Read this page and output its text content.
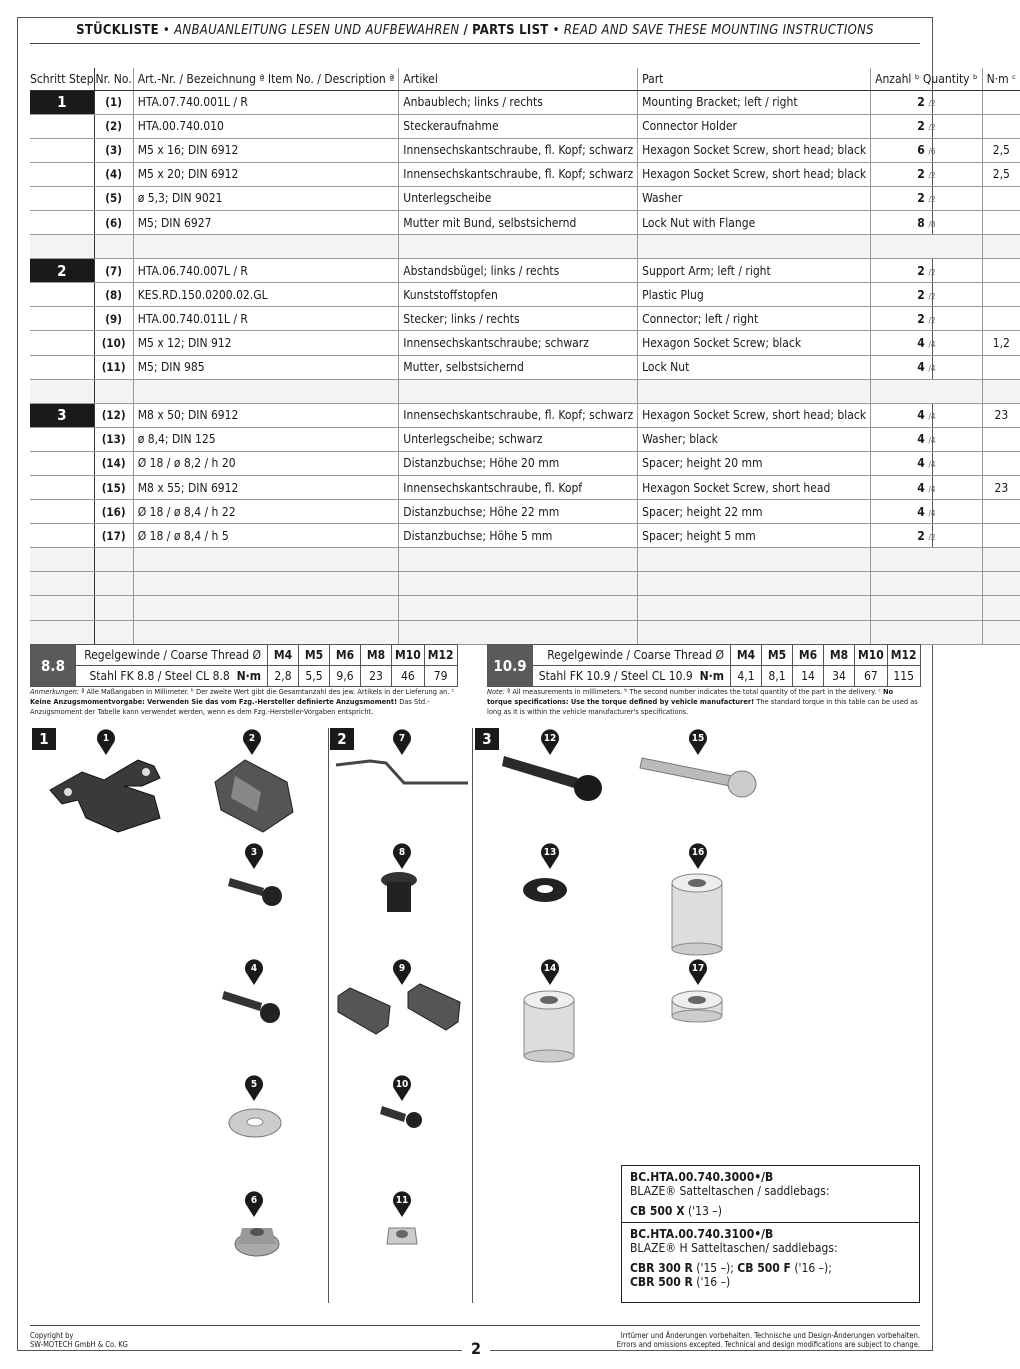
STÜCKLISTE • ANBAUANLEITUNG LESEN UND AUFBEWAHREN / PARTS LIST • READ AND SAVE THESE MOUNTING INSTRUCTIONS
Schritt Step	Nr. No.	Art.-Nr. / Bezeichnung ª Item No. / Description ª	Artikel	Part	Anzahl ᵇ Quantity ᵇ	N·m ᶜ
1	(1)	HTA.07.740.001L / R	Anbaublech; links / rechts	Mounting Bracket; left / right	2 /2	
	(2)	HTA.00.740.010	Steckeraufnahme	Connector Holder	2 /2	
	(3)	M5 x 16; DIN 6912	Innensechskantschraube, fl. Kopf; schwarz	Hexagon Socket Screw, short head; black	6 /6	2,5
	(4)	M5 x 20; DIN 6912	Innensechskantschraube, fl. Kopf; schwarz	Hexagon Socket Screw, short head; black	2 /2	2,5
	(5)	ø 5,3; DIN 9021	Unterlegscheibe	Washer	2 /2	
	(6)	M5; DIN 6927	Mutter mit Bund, selbstsichernd	Lock Nut with Flange	8 /8	

2	(7)	HTA.06.740.007L / R	Abstandsbügel; links / rechts	Support Arm; left / right	2 /2	
	(8)	KES.RD.150.0200.02.GL	Kunststoffstopfen	Plastic Plug	2 /2	
	(9)	HTA.00.740.011L / R	Stecker; links / rechts	Connector; left / right	2 /2	
	(10)	M5 x 12; DIN 912	Innensechskantschraube; schwarz	Hexagon Socket Screw; black	4 /4	1,2
	(11)	M5; DIN 985	Mutter, selbstsichernd	Lock Nut	4 /4	

3	(12)	M8 x 50; DIN 6912	Innensechskantschraube, fl. Kopf; schwarz	Hexagon Socket Screw, short head; black	4 /4	23
	(13)	ø 8,4; DIN 125	Unterlegscheibe; schwarz	Washer; black	4 /4	
	(14)	Ø 18 / ø 8,2 / h 20	Distanzbuchse; Höhe 20 mm	Spacer; height 20 mm	4 /4	
	(15)	M8 x 55; DIN 6912	Innensechskantschraube, fl. Kopf	Hexagon Socket Screw, short head	4 /4	23
	(16)	Ø 18 / ø 8,4 / h 22	Distanzbuchse; Höhe 22 mm	Spacer; height 22 mm	4 /4	
	(17)	Ø 18 / ø 8,4 / h 5	Distanzbuchse; Höhe 5 mm	Spacer; height 5 mm	2 /2	

8.8	Regelgewinde / Coarse Thread Ø	M4	M5	M6	M8	M10	M12
	Stahl FK 8.8 / Steel CL 8.8 N·m	2,8	5,5	9,6	23	46	79
10.9	Regelgewinde / Coarse Thread Ø	M4	M5	M6	M8	M10	M12
	Stahl FK 10.9 / Steel CL 10.9 N·m	4,1	8,1	14	34	67	115
Anmerkungen: ª Alle Maßangaben in Millimeter. ᵇ Der zweite Wert gibt die Gesamtanzahl des jew. Artikels in der Lieferung an. ᶜ Keine Anzugsmomentvorgabe: Verwenden Sie das vom Fzg.-Hersteller definierte Anzugsmoment! Das Std.-Anzugsmoment der Tabelle kann verwendet werden, wenn es dem Fzg.-Hersteller-Vorgaben entspricht.
Note: ª All measurements in millimeters. ᵇ The second number indicates the total quantity of the part in the delivery. ᶜ No torque specifications: Use the torque defined by vehicle manufacturer! The standard torque in this table can be used as long as it is within the vehicle manufacturer's specifications.
1	2	3
1	2
3
4
5
6
7
8
9
10
11
12
13
14
15
16
17
BC.HTA.00.740.3000•/B
BLAZE® Satteltaschen / saddlebags:

CB 500 X ('13 –)
BC.HTA.00.740.3100•/B
BLAZE® H Satteltaschen/ saddlebags:

CBR 300 R ('15 –); CB 500 F ('16 –);
CBR 500 R ('16 –)
Copyright by
SW-MOTECH GmbH & Co. KG	2
Irrtümer und Änderungen vorbehalten. Technische und Design-Änderungen vorbehalten.
Errors and omissions excepted. Technical and design modifications are subject to change.
